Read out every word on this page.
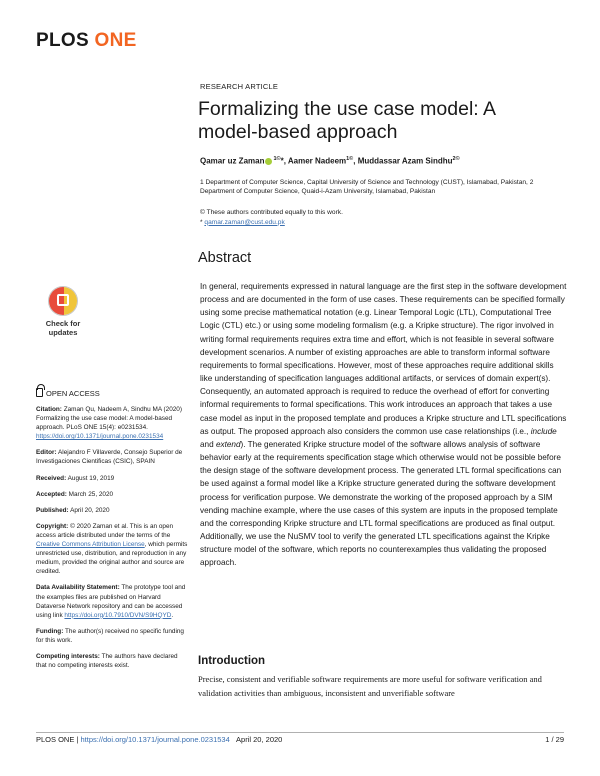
PLOS ONE
RESEARCH ARTICLE
Formalizing the use case model: A model-based approach
Qamar uz Zaman $^{1©}$*, Aamer Nadeem$^{1©}$, Muddassar Azam Sindhu$^{2©}$
1 Department of Computer Science, Capital University of Science and Technology (CUST), Islamabad, Pakistan, 2 Department of Computer Science, Quaid-i-Azam University, Islamabad, Pakistan
© These authors contributed equally to this work.
* qamar.zaman@cust.edu.pk
Abstract
In general, requirements expressed in natural language are the first step in the software development process and are documented in the form of use cases. These requirements can be specified formally using some precise mathematical notation (e.g. Linear Temporal Logic (LTL), Computational Tree Logic (CTL) etc.) or using some modeling formalism (e.g. a Kripke structure). The rigor involved in writing formal requirements requires extra time and effort, which is not feasible in several software development scenarios. A number of existing approaches are able to transform informal software requirements to formal specifications. However, most of these approaches require additional skills like understanding of specification languages additional artifacts, or services of domain expert(s). Consequently, an automated approach is required to reduce the overhead of effort for converting informal requirements to formal specifications. This work introduces an approach that takes a use case model as input in the proposed template and produces a Kripke structure and LTL specifications as output. The proposed approach also considers the common use case relationships (i.e., include and extend). The generated Kripke structure model of the software allows analysis of software behavior early at the requirements specification stage which otherwise would not be possible before the design stage of the software development process. The generated LTL formal specifications can be used against a formal model like a Kripke structure generated during the software development process for verification purpose. We demonstrate the working of the proposed approach by a SIM vending machine example, where the use cases of this system are inputs in the proposed template and the corresponding Kripke structure and LTL formal specifications are produced as final output. Additionally, we use the NuSMV tool to verify the generated LTL specifications against the Kripke structure model of the software, which reports no counterexamples thus validating the proposed approach.
Check for
updates
OPEN ACCESS

Citation: Zaman Qu, Nadeem A, Sindhu MA (2020) Formalizing the use case model: A model-based approach. PLoS ONE 15(4): e0231534. https://doi.org/10.1371/journal.pone.0231534

Editor: Alejandro F Villaverde, Consejo Superior de Investigaciones Cientificas (CSIC), SPAIN

Received: August 19, 2019

Accepted: March 25, 2020

Published: April 20, 2020

Copyright: © 2020 Zaman et al. This is an open access article distributed under the terms of the Creative Commons Attribution License, which permits unrestricted use, distribution, and reproduction in any medium, provided the original author and source are credited.

Data Availability Statement: The prototype tool and the examples files are published on Harvard Dataverse Network repository and can be accessed using link https://doi.org/10.7910/DVN/S9HQYD.

Funding: The author(s) received no specific funding for this work.

Competing interests: The authors have declared that no competing interests exist.	Introduction
Precise, consistent and verifiable software requirements are more useful for software verification and validation activities than ambiguous, inconsistent and unverifiable software
PLOS ONE | https://doi.org/10.1371/journal.pone.0231534 April 20, 2020	1 / 29
